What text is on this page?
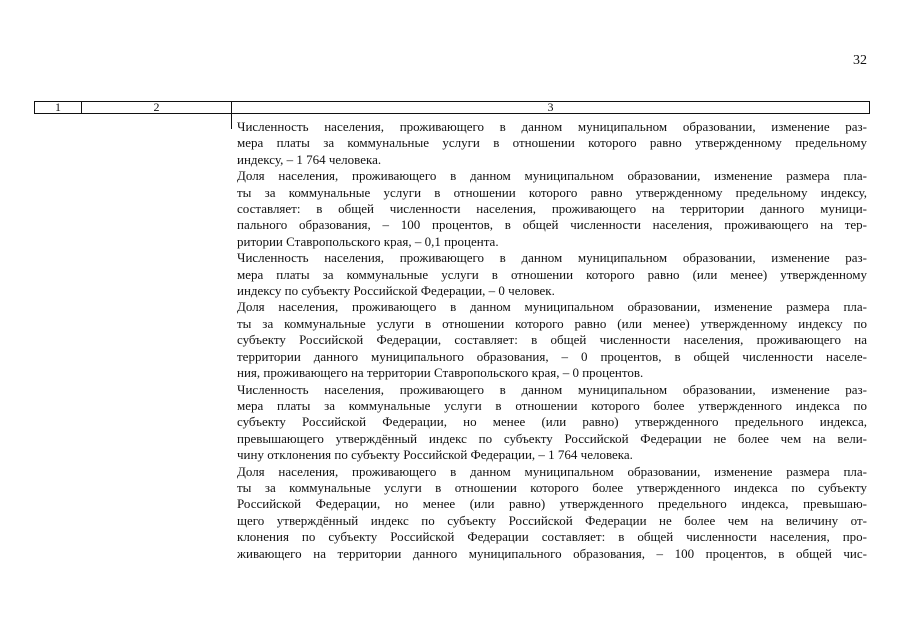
32
1	2	3
Численность населения, проживающего в данном муниципальном образовании, изменение раз-
мера платы за коммунальные услуги в отношении которого равно утвержденному предельному
индексу, – 1 764 человека.
Доля населения, проживающего в данном муниципальном образовании, изменение размера пла-
ты за коммунальные услуги в отношении которого равно утвержденному предельному индексу,
составляет: в общей численности населения, проживающего на территории данного муници-
пального образования, – 100 процентов, в общей численности населения, проживающего на тер-
ритории Ставропольского края, – 0,1 процента.
Численность населения, проживающего в данном муниципальном образовании, изменение раз-
мера платы за коммунальные услуги в отношении которого равно (или менее) утвержденному
индексу по субъекту Российской Федерации, – 0 человек.
Доля населения, проживающего в данном муниципальном образовании, изменение размера пла-
ты за коммунальные услуги в отношении которого равно (или менее) утвержденному индексу по
субъекту Российской Федерации, составляет: в общей численности населения, проживающего на
территории данного муниципального образования, – 0 процентов, в общей численности населе-
ния, проживающего на территории Ставропольского края, – 0 процентов.
Численность населения, проживающего в данном муниципальном образовании, изменение раз-
мера платы за коммунальные услуги в отношении которого более утвержденного индекса по
субъекту Российской Федерации, но менее (или равно) утвержденного предельного индекса,
превышающего утверждённый индекс по субъекту Российской Федерации не более чем на вели-
чину отклонения по субъекту Российской Федерации, – 1 764 человека.
Доля населения, проживающего в данном муниципальном образовании, изменение размера пла-
ты за коммунальные услуги в отношении которого более утвержденного индекса по субъекту
Российской Федерации, но менее (или равно) утвержденного предельного индекса, превышаю-
щего утверждённый индекс по субъекту Российской Федерации не более чем на величину от-
клонения по субъекту Российской Федерации составляет: в общей численности населения, про-
живающего на территории данного муниципального образования, – 100 процентов, в общей чис-
